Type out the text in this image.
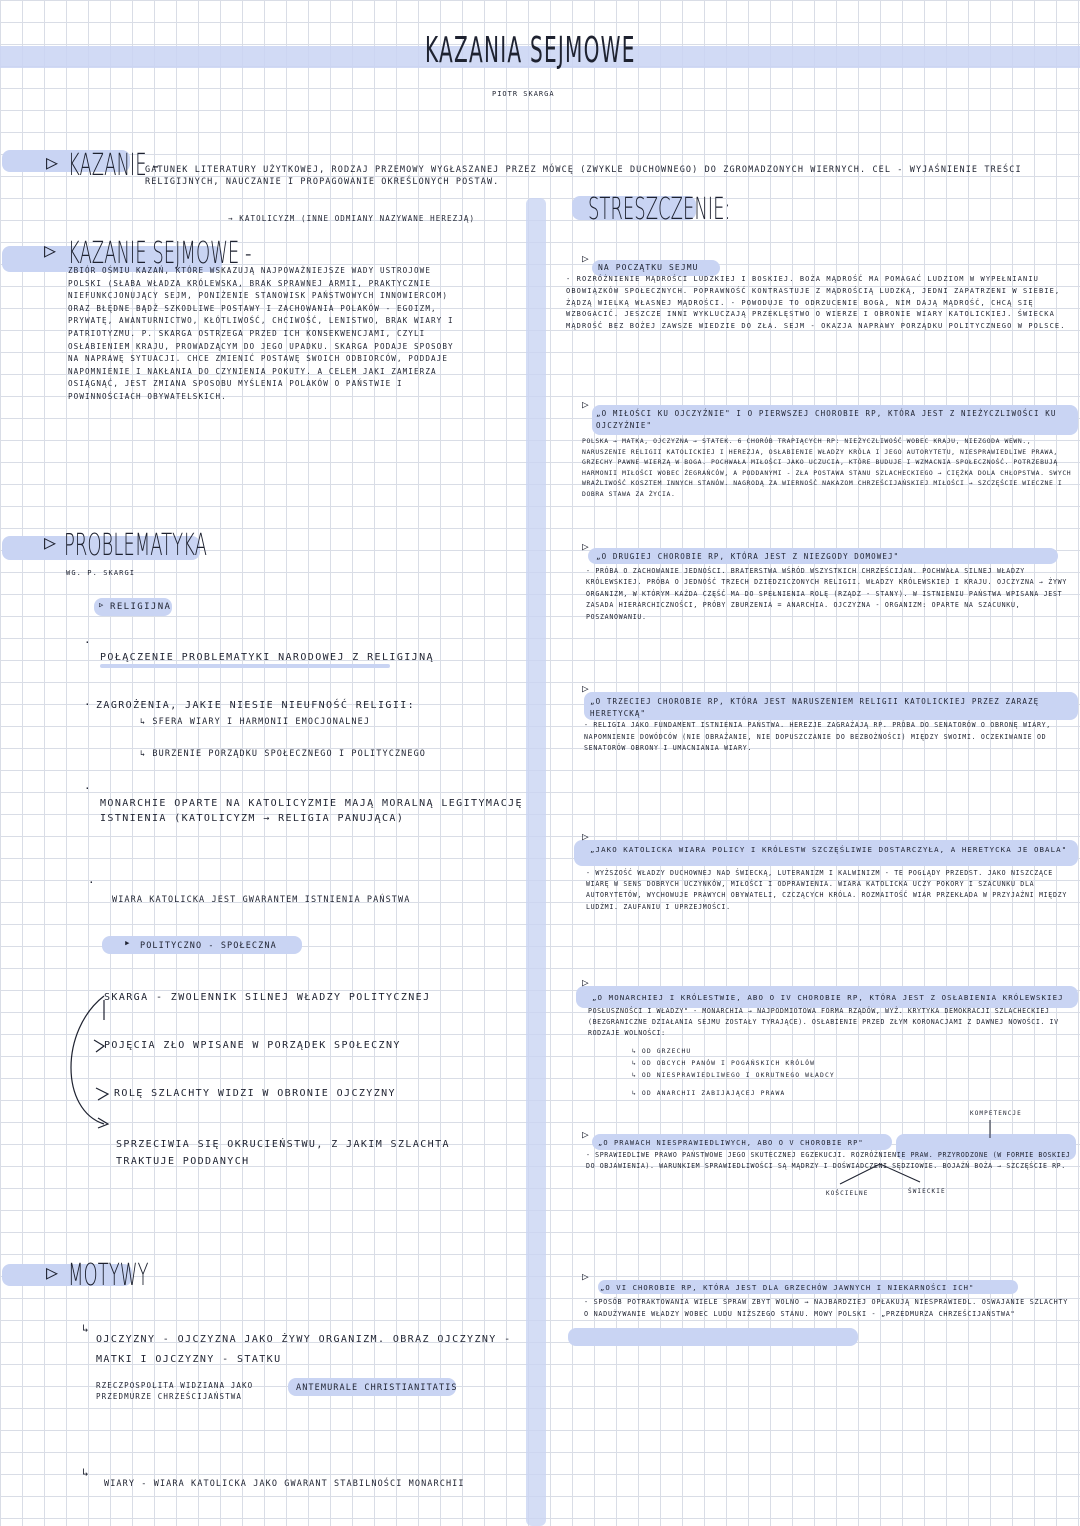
KAZANIA SEJMOWE
PIOTR SKARGA
▷ KAZANIE -
GATUNEK LITERATURY UŻYTKOWEJ, RODZAJ PRZEMOWY WYGŁASZANEJ PRZEZ MÓWCĘ (ZWYKLE DUCHOWNEGO) DO ZGROMADZONYCH WIERNYCH. CEL - WYJAŚNIENIE TREŚCI RELIGIJNYCH, NAUCZANIE I PROPAGOWANIE OKREŚLONYCH POSTAW.
▷ KAZANIE SEJMOWE -
→ KATOLICYZM (INNE ODMIANY NAZYWANE HEREZJĄ)
ZBIÓR OŚMIU KAZAŃ, KTÓRE WSKAZUJĄ NAJPOWAŻNIEJSZE WADY USTROJOWE POLSKI (SŁABA WŁADZA KRÓLEWSKA, BRAK SPRAWNEJ ARMII, PRAKTYCZNIE NIEFUNKCJONUJĄCY SEJM, PONIŻENIE STANOWISK PAŃSTWOWYCH INNOWIERCOM) ORAZ BŁĘDNE BĄDŹ SZKODLIWE POSTAWY I ZACHOWANIA POLAKÓW - EGOIZM, PRYWATĘ, AWANTURNICTWO, KŁÓTLIWOŚĆ, CHCIWOŚĆ, LENISTWO, BRAK WIARY I PATRIOTYZMU. P. SKARGA OSTRZEGA PRZED ICH KONSEKWENCJAMI, CZYLI OSŁABIENIEM KRAJU, PROWADZĄCYM DO JEGO UPADKU. SKARGA PODAJE SPOSOBY NA NAPRAWĘ SYTUACJI. CHCE ZMIENIĆ POSTAWĘ SWOICH ODBIORCÓW, PODDAJE NAPOMNIENIE I NAKŁANIA DO CZYNIENIA POKUTY. A CELEM JAKI ZAMIERZA OSIĄGNĄĆ, JEST ZMIANA SPOSOBU MYŚLENIA POLAKÓW O PAŃSTWIE I POWINNOŚCIACH OBYWATELSKICH.
▷ PROBLEMATYKA
WG. P. SKARGI
▹ RELIGIJNA
·
POŁĄCZENIE PROBLEMATYKI NARODOWEJ Z RELIGIJNĄ
· ZAGROŻENIA, JAKIE NIESIE NIEUFNOŚĆ RELIGII:
↳ SFERA WIARY I HARMONII EMOCJONALNEJ
↳ BURZENIE PORZĄDKU SPOŁECZNEGO I POLITYCZNEGO
·
MONARCHIE OPARTE NA KATOLICYZMIE MAJĄ MORALNĄ LEGITYMACJĘ ISTNIENIA (KATOLICYZM → RELIGIA PANUJĄCA)
·
WIARA KATOLICKA JEST GWARANTEM ISTNIENIA PAŃSTWA
▸ POLITYCZNO - SPOŁECZNA
SKARGA - ZWOLENNIK SILNEJ WŁADZY POLITYCZNEJ
POJĘCIA ZŁO WPISANE W PORZĄDEK SPOŁECZNY
ROLĘ SZLACHTY WIDZI W OBRONIE OJCZYZNY
SPRZECIWIA SIĘ OKRUCIEŃSTWU, Z JAKIM SZLACHTA TRAKTUJE PODDANYCH
▷ MOTYWY
↳
OJCZYZNY - OJCZYZNA JAKO ŻYWY ORGANIZM. OBRAZ OJCZYZNY - MATKI I OJCZYZNY - STATKU
RZECZPOSPOLITA WIDZIANA JAKO PRZEDMURZE CHRZEŚCIJAŃSTWA
ANTEMURALE CHRISTIANITATIS
↳
WIARY - WIARA KATOLICKA JAKO GWARANT STABILNOŚCI MONARCHII
STRESZCZENIE:
▷
NA POCZĄTKU SEJMU
- ROZRÓŻNIENIE MĄDROŚCI LUDZKIEJ I BOSKIEJ. BOŻA MĄDROŚĆ MA POMAGAĆ LUDZIOM W WYPEŁNIANIU OBOWIĄZKÓW SPOŁECZNYCH. POPRAWNOŚĆ KONTRASTUJE Z MĄDROŚCIĄ LUDZKĄ, JEDNI ZAPATRZENI W SIEBIE, ŻĄDZĄ WIELKĄ WŁASNEJ MĄDROŚCI. - POWODUJE TO ODRZUCENIE BOGA, NIM DAJĄ MĄDROŚĆ, CHCĄ SIĘ WZBOGACIĆ. JESZCZE INNI WYKLUCZAJĄ PRZEKLĘSTWO O WIERZE I OBRONIE WIARY KATOLICKIEJ. ŚWIECKA MĄDROŚĆ BEZ BOŻEJ ZAWSZE WIEDZIE DO ZŁA. SEJM - OKAZJA NAPRAWY PORZĄDKU POLITYCZNEGO W POLSCE.
▷
„O MIŁOŚCI KU OJCZYŹNIE" I O PIERWSZEJ CHOROBIE RP, KTÓRA JEST Z NIEŻYCZLIWOŚCI KU OJCZYŹNIE"
POLSKA → MATKA, OJCZYZNA → STATEK. 6 CHORÓB TRAPIĄCYCH RP: NIEŻYCZLIWOŚĆ WOBEC KRAJU, NIEZGODA WEWN., NARUSZENIE RELIGII KATOLICKIEJ I HEREZJA, OSŁABIENIE WŁADZY KRÓLA I JEGO AUTORYTETU, NIESPRAWIEDLIWE PRAWA, GRZECHY PAWNE WIERZĄ W BOGA. POCHWAŁA MIŁOŚCI JAKO UCZUCIA, KTÓRE BUDUJE I WZMACNIA SPOŁECZNOŚĆ. POTRZEBUJĄ HARMONII MIŁOŚCI WOBEC ŻEGRAŃCÓW, A PODDANYMI - ZŁA POSTAWA STANU SZLACHECKIEGO → CIĘŻKA DOLA CHŁOPSTWA. SWYCH WRAŻLIWOŚĆ KOSZTEM INNYCH STANÓW. NAGRODĄ ZA WIERNOŚĆ NAKAZOM CHRZEŚCIJAŃSKIEJ MIŁOŚCI → SZCZĘŚCIE WIECZNE I DOBRA STAWA ZA ŻYCIA.
▷
„O DRUGIEJ CHOROBIE RP, KTÓRA JEST Z NIEZGODY DOMOWEJ"
- PRÓBA O ZACHOWANIE JEDNOŚCI. BRATERSTWA WŚRÓD WSZYSTKICH CHRZEŚCIJAN. POCHWAŁA SILNEJ WŁADZY KRÓLEWSKIEJ. PRÓBA O JEDNOŚĆ TRZECH DZIEDZICZONYCH RELIGII. WŁADZY KRÓLEWSKIEJ I KRAJU. OJCZYZNA → ŻYWY ORGANIZM, W KTÓRYM KAŻDA CZĘŚĆ MA DO SPEŁNIENIA ROLĘ (RZĄDZ - STANY). W ISTNIENIU PAŃSTWA WPISANA JEST ZASADA HIERARCHICZNOŚCI, PRÓBY ZBURZENIA = ANARCHIA. OJCZYZNA - ORGANIZM: OPARTE NA SZACUNKU, POSZANOWANIU.
▷
„O TRZECIEJ CHOROBIE RP, KTÓRA JEST NARUSZENIEM RELIGII KATOLICKIEJ PRZEZ ZARAZĘ HERETYCKĄ"
- RELIGIA JAKO FUNDAMENT ISTNIENIA PAŃSTWA. HEREZJE ZAGRAŻAJĄ RP. PRÓBA DO SENATORÓW O OBRONĘ WIARY, NAPOMNIENIE DOWÓDCÓW (NIE OBRAŻANIE, NIE DOPUSZCZANIE DO BEZBOŻNOŚCI) MIĘDZY SWOIMI. OCZEKIWANIE OD SENATORÓW OBRONY I UMACNIANIA WIARY.
▷
„JAKO KATOLICKA WIARA POLICY I KRÓLESTW SZCZĘŚLIWIE DOSTARCZYŁA, A HERETYCKA JE OBALA"
- WYŻSZOŚĆ WŁADZY DUCHOWNEJ NAD ŚWIECKĄ, LUTERANIZM I KALWINIZM - TE POGLĄDY PRZEDST. JAKO NISZCZĄCE WIARĘ W SENS DOBRYCH UCZYNKÓW, MIŁOŚCI I ODPRAWIENIA. WIARA KATOLICKA UCZY POKORY I SZACUNKU DLA AUTORYTETÓW, WYCHOWUJE PRAWYCH OBYWATELI, CZCZĄCYCH KRÓLA. ROZMAITOŚĆ WIAR PRZEKŁADA W PRZYJAŹNI MIĘDZY LUDŹMI. ZAUFANIU I UPRZEJMOŚCI.
▷
„O MONARCHIEJ I KRÓLESTWIE, ABO O IV CHOROBIE RP, KTÓRA JEST Z OSŁABIENIA KRÓLEWSKIEJ
POSŁUSZNOŚCI I WŁADZY" - MONARCHIA → NAJPODMIOTOWA FORMA RZĄDÓW, WYŻ. KRYTYKA DEMOKRACJI SZLACHECKIEJ (BEZGRANICZNE DZIAŁANIA SEJMU ZOSTAŁY TYRAJĄCE). OSŁABIENIE PRZED ZŁYM KORONACJAMI Z DAWNEJ NOWOŚCI. IV RODZAJE WOLNOŚCI:
↳ OD GRZECHU
↳ OD OBCYCH PANÓW I POGAŃSKICH KRÓLÓW
↳ OD NIESPRAWIEDLIWEGO I OKRUTNEGO WŁADCY
↳ OD ANARCHII ZABIJAJĄCEJ PRAWA
▷
„O PRAWACH NIESPRAWIEDLIWYCH, ABO O V CHOROBIE RP"
KOMPETENCJE
KOŚCIELNE	ŚWIECKIE
- SPRAWIEDLIWE PRAWO PAŃSTWOWE JEGO SKUTECZNEJ EGZEKUCJI. ROZRÓŻNIENIE PRAW. PRZYRODZONE (W FORMIE BOSKIEJ DO OBJAWIENIA). WARUNKIEM SPRAWIEDLIWOŚCI SĄ MĄDRZY I DOŚWIADCZENI SĘDZIOWIE. BOJAŹŃ BOŻA → SZCZĘŚCIE RP.
▷
„O VI CHOROBIE RP, KTÓRA JEST DLA GRZECHÓW JAWNYCH I NIEKARNOŚCI ICH"
- SPOSÓB POTRAKTOWANIA WIELE SPRAW ZBYT WOLNO → NAJBARDZIEJ OPŁAKUJĄ NIESPRAWIEDL. OSWAJANIE SZLACHTY O NADUŻYWANIE WŁADZY WOBEC LUDU NIŻSZEGO STANU. MOWY POLSKI - „PRZEDMURZA CHRZEŚCIJAŃSTWA"
